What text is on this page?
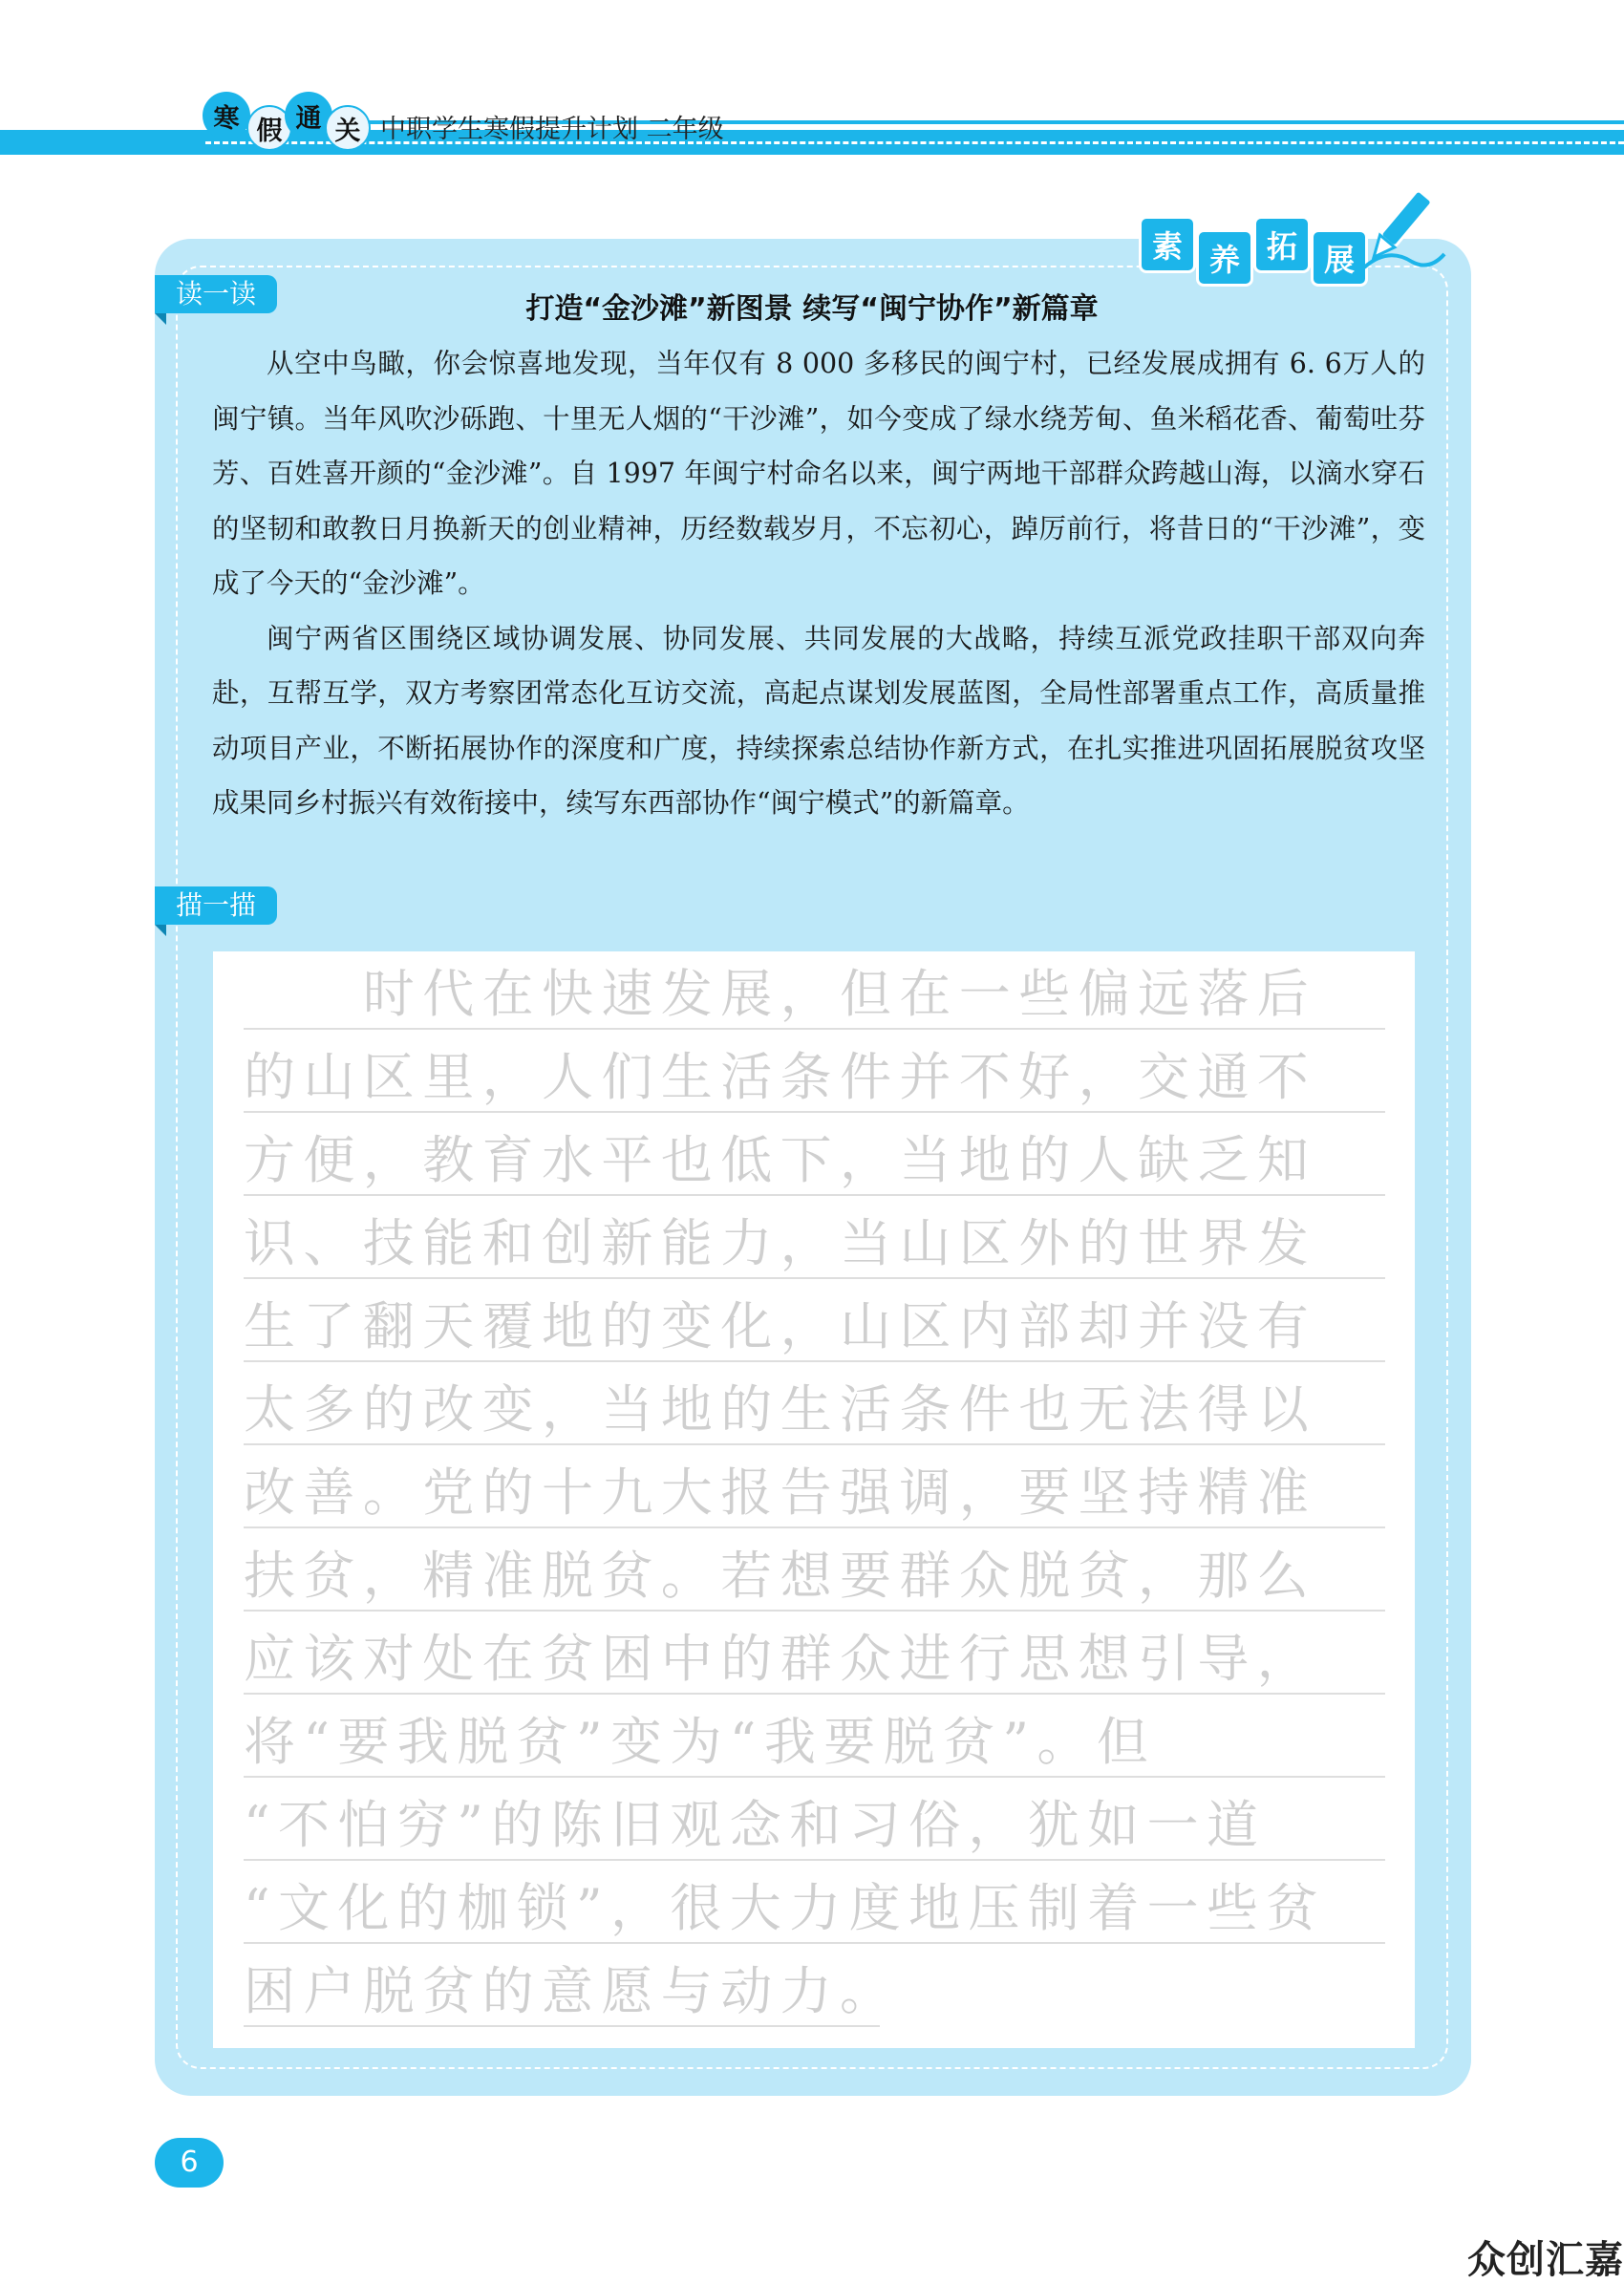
寒 假 通 关 中职学生寒假提升计划 二年级
素 养 拓 展
读一读	打造“金沙滩”新图景 续写“闽宁协作”新篇章

从空中鸟瞰，你会惊喜地发现，当年仅有 8 000 多移民的闽宁村，已经发展成拥有 6. 6万人的闽宁镇。当年风吹沙砾跑、十里无人烟的“干沙滩”，如今变成了绿水绕芳甸、鱼米稻花香、葡萄吐芬芳、百姓喜开颜的“金沙滩”。自 1997 年闽宁村命名以来，闽宁两地干部群众跨越山海，以滴水穿石的坚韧和敢教日月换新天的创业精神，历经数载岁月，不忘初心，踔厉前行，将昔日的“干沙滩”，变成了今天的“金沙滩”。

闽宁两省区围绕区域协调发展、协同发展、共同发展的大战略，持续互派党政挂职干部双向奔赴，互帮互学，双方考察团常态化互访交流，高起点谋划发展蓝图，全局性部署重点工作，高质量推动项目产业，不断拓展协作的深度和广度，持续探索总结协作新方式，在扎实推进巩固拓展脱贫攻坚成果同乡村振兴有效衔接中，续写东西部协作“闽宁模式”的新篇章。

描一描
　　时代在快速发展，但在一些偏远落后
的山区里，人们生活条件并不好，交通不
方便，教育水平也低下，当地的人缺乏知
识、技能和创新能力，当山区外的世界发
生了翻天覆地的变化，山区内部却并没有
太多的改变，当地的生活条件也无法得以
改善。党的十九大报告强调，要坚持精准
扶贫，精准脱贫。若想要群众脱贫，那么
应该对处在贫困中的群众进行思想引导，
将“要我脱贫”变为“我要脱贫”。但
“不怕穷”的陈旧观念和习俗，犹如一道
“文化的枷锁”，很大力度地压制着一些贫
困户脱贫的意愿与动力。
6
众创汇嘉
